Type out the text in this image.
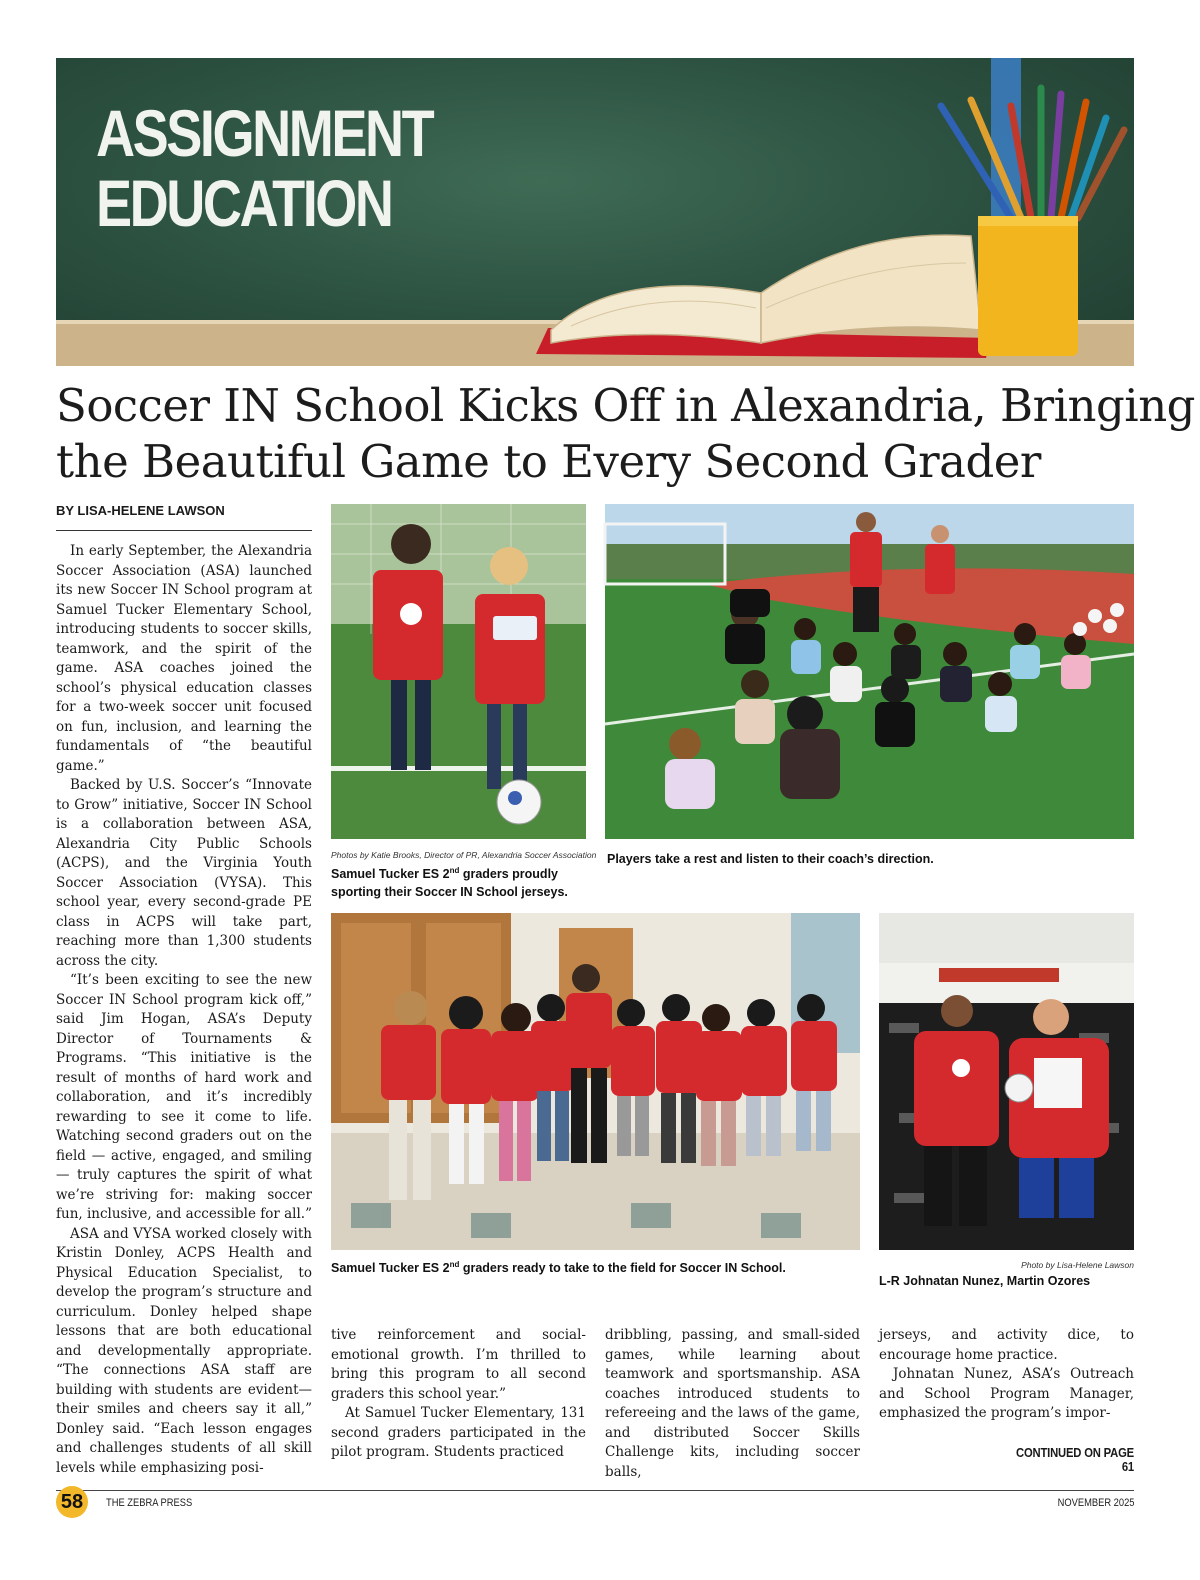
ASSIGNMENT
EDUCATION
Soccer IN School Kicks Off in Alexandria, Bringing
the Beautiful Game to Every Second Grader
BY LISA-HELENE LAWSON

In early September, the Alexandria Soccer Association (ASA) launched its new Soccer IN School program at Samuel Tucker Elementary School, introducing students to soccer skills, teamwork, and the spirit of the game. ASA coaches joined the school’s physical education classes for a two-week soccer unit focused on fun, inclusion, and learning the fundamentals of “the beautiful game.”

Backed by U.S. Soccer’s “Innovate to Grow” initiative, Soccer IN School is a collaboration between ASA, Alexandria City Public Schools (ACPS), and the Virginia Youth Soccer Association (VYSA). This school year, every second-grade PE class in ACPS will take part, reaching more than 1,300 students across the city.

“It’s been exciting to see the new Soccer IN School program kick off,” said Jim Hogan, ASA’s Deputy Director of Tournaments & Programs. “This initiative is the result of months of hard work and collaboration, and it’s incredibly rewarding to see it come to life. Watching second graders out on the field — active, engaged, and smiling — truly captures the spirit of what we’re striving for: making soccer fun, inclusive, and accessible for all.”

ASA and VYSA worked closely with Kristin Donley, ACPS Health and Physical Education Specialist, to develop the program’s structure and curriculum. Donley helped shape lessons that are both educational and developmentally appropriate. “The connections ASA staff are building with students are evident—their smiles and cheers say it all,” Donley said. “Each lesson engages and challenges students of all skill levels while emphasizing posi-

Photos by Katie Brooks, Director of PR, Alexandria Soccer Association
Samuel Tucker ES 2nd graders proudly sporting their Soccer IN School jerseys.
Players take a rest and listen to their coach’s direction.
Samuel Tucker ES 2nd graders ready to take to the field for Soccer IN School.	Photo by Lisa-Helene Lawson
L-R Johnatan Nunez, Martin Ozores

tive reinforcement and social-emotional growth. I’m thrilled to bring this program to all second graders this school year.”

At Samuel Tucker Elementary, 131 second graders participated in the pilot program. Students practiced

dribbling, passing, and small-sided games, while learning about teamwork and sportsmanship. ASA coaches introduced students to refereeing and the laws of the game, and distributed Soccer Skills Challenge kits, including soccer balls,

jerseys, and activity dice, to encourage home practice.

Johnatan Nunez, ASA’s Outreach and School Program Manager, emphasized the program’s impor-

CONTINUED ON PAGE 61
58	THE ZEBRA PRESS	NOVEMBER 2025
